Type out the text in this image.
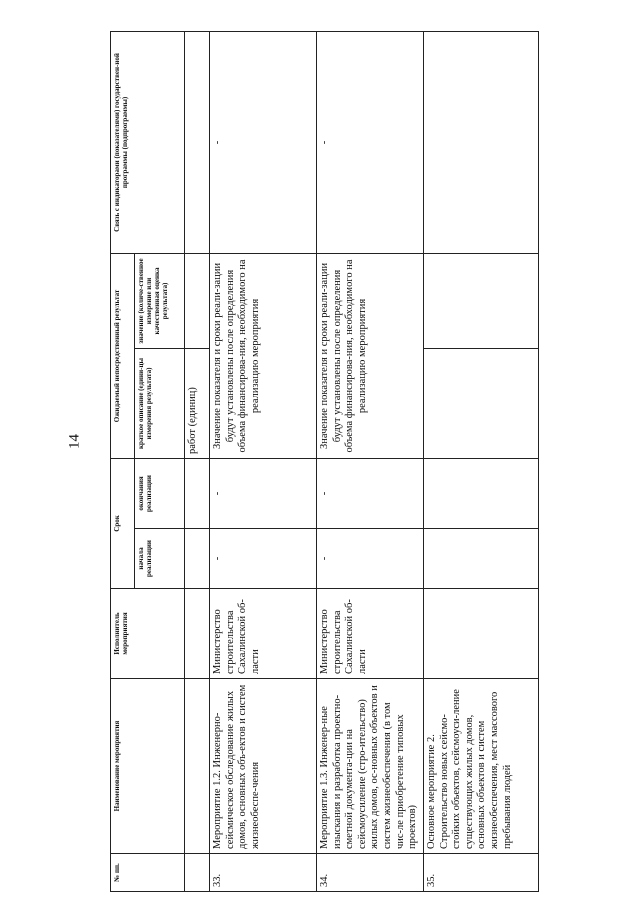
14
№ пп.	Наименование мероприятия	Исполнитель мероприятия	Срок		Ожидаемый непосредственный результат		Связь с индикаторами (показателями) государствен-ной программы (подпрограммы)
			начала реализации	окончания реализации	краткое описание (едини-цы измерения результата)	значение (количе-ственное измерение или качественная оценка результата)	
					работ (единиц)		
33.	Мероприятие 1.2. Инженерно-сейсмическое обследование жилых домов, основных объ-ектов и систем жизнеобеспе-чения	Министерство строительства Сахалинской об-ласти	-	-	Значение показателя и сроки реали-зации будут установлены после определения объема финансирова-ния, необходимого на реализацию мероприятия		-
34.	Мероприятие 1.3. Инженер-ные изыскания и разработка проектно-сметной документа-ции на сейсмоусиление (стро-ительство) жилых домов, ос-новных объектов и систем жизнеобеспечения (в том чис-ле приобретение типовых проектов)	Министерство строительства Сахалинской об-ласти	-	-	Значение показателя и сроки реали-зации будут установлены после определения объема финансирова-ния, необходимого на реализацию мероприятия		-
35.	Основное мероприятие 2. Строительство новых сейсмо-стойких объектов, сейсмоуси-ление существующих жилых домов, основных объектов и систем жизнеобеспечения, мест массового пребывания людей						
